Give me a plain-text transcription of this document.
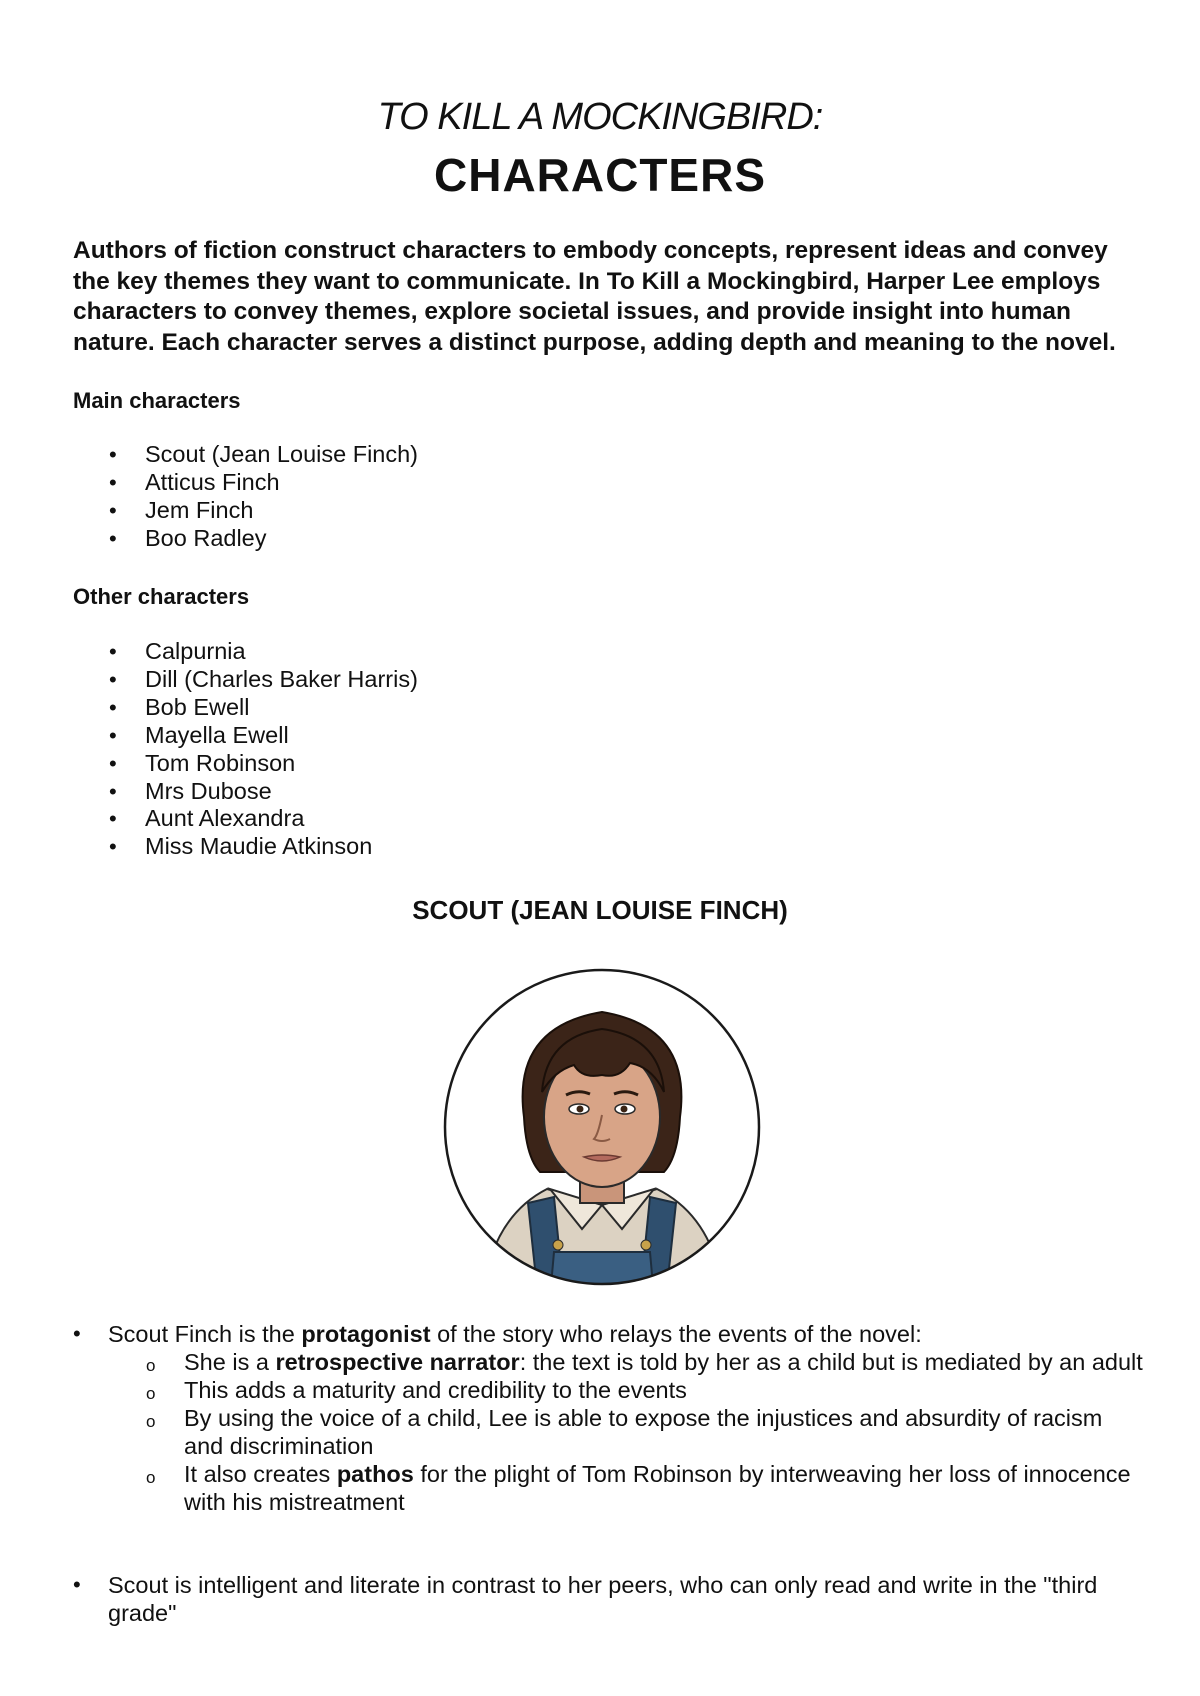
TO KILL A MOCKINGBIRD:
CHARACTERS

Authors of fiction construct characters to embody concepts, represent ideas and convey the key themes they want to communicate. In To Kill a Mockingbird, Harper Lee employs characters to convey themes, explore societal issues, and provide insight into human nature. Each character serves a distinct purpose, adding depth and meaning to the novel.

Main characters

• Scout (Jean Louise Finch)
• Atticus Finch
• Jem Finch
• Boo Radley

Other characters

• Calpurnia
• Dill (Charles Baker Harris)
• Bob Ewell
• Mayella Ewell
• Tom Robinson
• Mrs Dubose
• Aunt Alexandra
• Miss Maudie Atkinson
SCOUT (JEAN LOUISE FINCH)
• Scout Finch is the protagonist of the story who relays the events of the novel:
o She is a retrospective narrator: the text is told by her as a child but is mediated by an adult
o This adds a maturity and credibility to the events
o By using the voice of a child, Lee is able to expose the injustices and absurdity of racism and discrimination
o It also creates pathos for the plight of Tom Robinson by interweaving her loss of innocence with his mistreatment
• Scout is intelligent and literate in contrast to her peers, who can only read and write in the "third grade"
